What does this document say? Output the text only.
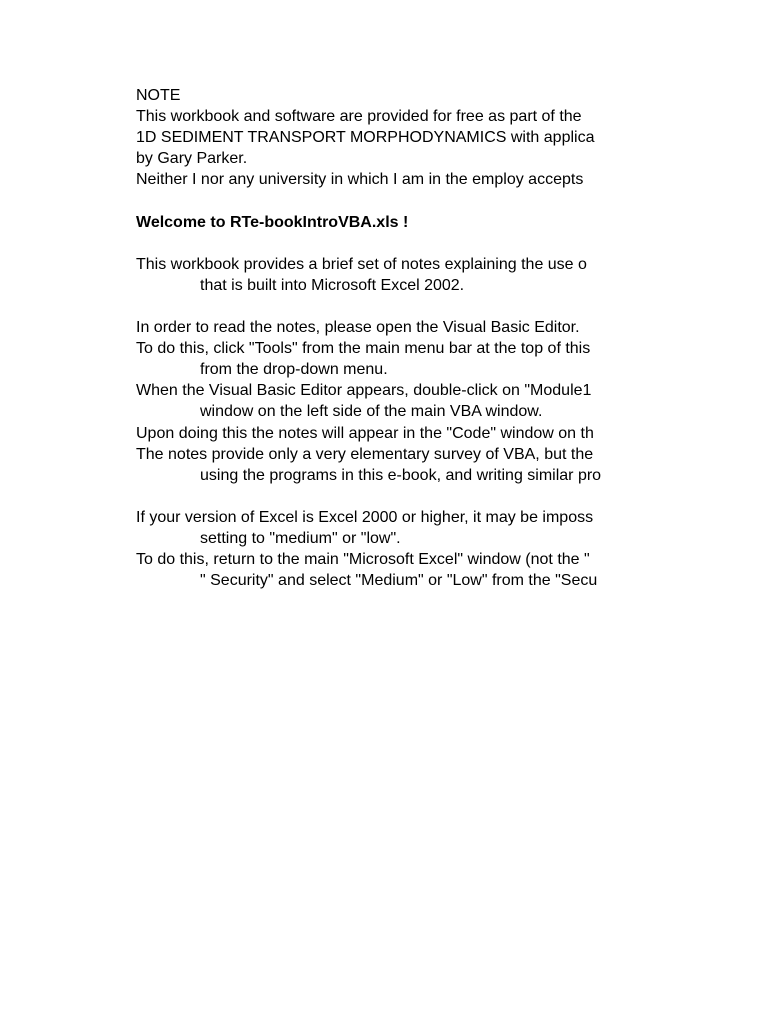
NOTE
This workbook and software are provided for free as part of the
1D SEDIMENT TRANSPORT MORPHODYNAMICS with applica
by Gary Parker.
Neither I nor any university in which I am in the employ accepts
Welcome to RTe-bookIntroVBA.xls !
This workbook provides a brief set of notes explaining the use o
that is built into Microsoft Excel 2002.
In order to read the notes, please open the Visual Basic Editor.
To do this, click "Tools" from the main menu bar at the top of this
from the drop-down menu.
When the Visual Basic Editor appears, double-click on "Module1
window on the left side of the main VBA window.
Upon doing this the notes will appear in the "Code" window on th
The notes provide only a very elementary survey of VBA, but the
using the programs in this e-book, and writing similar pro
If your version of Excel is Excel 2000 or higher, it may be imposs
setting to "medium" or "low".
To do this, return to the main "Microsoft Excel" window (not the "
" Security" and select "Medium" or "Low" from the "Secu
